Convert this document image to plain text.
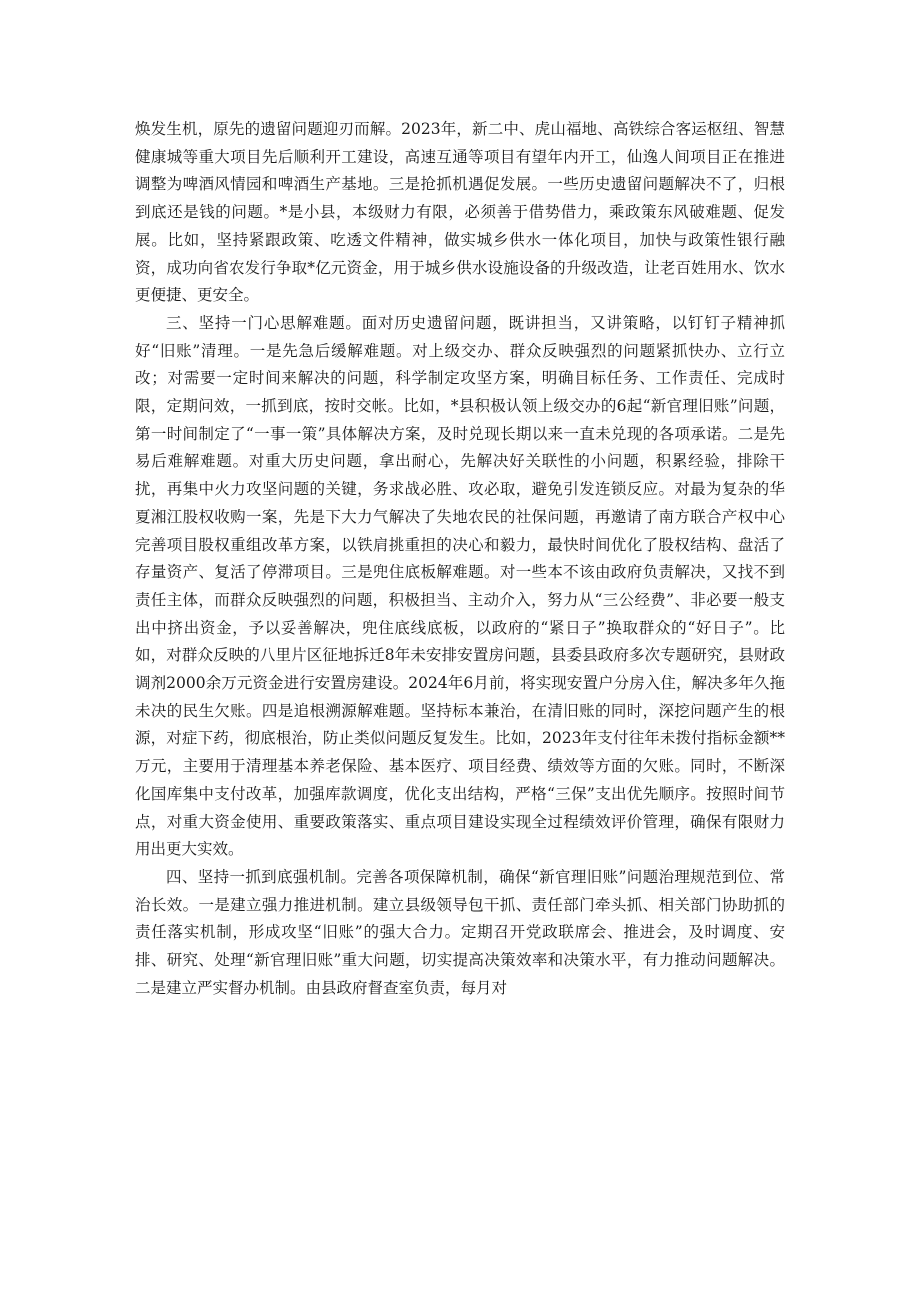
焕发生机，原先的遗留问题迎刃而解。2023年，新二中、虎山福地、高铁综合客运枢纽、智慧健康城等重大项目先后顺利开工建设，高速互通等项目有望年内开工，仙逸人间项目正在推进调整为啤酒风情园和啤酒生产基地。三是抢抓机遇促发展。一些历史遗留问题解决不了，归根到底还是钱的问题。*是小县，本级财力有限，必须善于借势借力，乘政策东风破难题、促发展。比如，坚持紧跟政策、吃透文件精神，做实城乡供水一体化项目，加快与政策性银行融资，成功向省农发行争取*亿元资金，用于城乡供水设施设备的升级改造，让老百姓用水、饮水更便捷、更安全。

三、坚持一门心思解难题。面对历史遗留问题，既讲担当，又讲策略，以钉钉子精神抓好“旧账”清理。一是先急后缓解难题。对上级交办、群众反映强烈的问题紧抓快办、立行立改；对需要一定时间来解决的问题，科学制定攻坚方案，明确目标任务、工作责任、完成时限，定期问效，一抓到底，按时交帐。比如，*县积极认领上级交办的6起“新官理旧账”问题，第一时间制定了“一事一策”具体解决方案，及时兑现长期以来一直未兑现的各项承诺。二是先易后难解难题。对重大历史问题，拿出耐心，先解决好关联性的小问题，积累经验，排除干扰，再集中火力攻坚问题的关键，务求战必胜、攻必取，避免引发连锁反应。对最为复杂的华夏湘江股权收购一案，先是下大力气解决了失地农民的社保问题，再邀请了南方联合产权中心完善项目股权重组改革方案，以铁肩挑重担的决心和毅力，最快时间优化了股权结构、盘活了存量资产、复活了停滞项目。三是兜住底板解难题。对一些本不该由政府负责解决，又找不到责任主体，而群众反映强烈的问题，积极担当、主动介入，努力从“三公经费”、非必要一般支出中挤出资金，予以妥善解决，兜住底线底板，以政府的“紧日子”换取群众的“好日子”。比如，对群众反映的八里片区征地拆迁8年未安排安置房问题，县委县政府多次专题研究，县财政调剂2000余万元资金进行安置房建设。2024年6月前，将实现安置户分房入住，解决多年久拖未决的民生欠账。四是追根溯源解难题。坚持标本兼治，在清旧账的同时，深挖问题产生的根源，对症下药，彻底根治，防止类似问题反复发生。比如，2023年支付往年未拨付指标金额**万元，主要用于清理基本养老保险、基本医疗、项目经费、绩效等方面的欠账。同时，不断深化国库集中支付改革，加强库款调度，优化支出结构，严格“三保”支出优先顺序。按照时间节点，对重大资金使用、重要政策落实、重点项目建设实现全过程绩效评价管理，确保有限财力用出更大实效。

四、坚持一抓到底强机制。完善各项保障机制，确保“新官理旧账”问题治理规范到位、常治长效。一是建立强力推进机制。建立县级领导包干抓、责任部门牵头抓、相关部门协助抓的责任落实机制，形成攻坚“旧账”的强大合力。定期召开党政联席会、推进会，及时调度、安排、研究、处理“新官理旧账”重大问题，切实提高决策效率和决策水平，有力推动问题解决。二是建立严实督办机制。由县政府督查室负责，每月对
